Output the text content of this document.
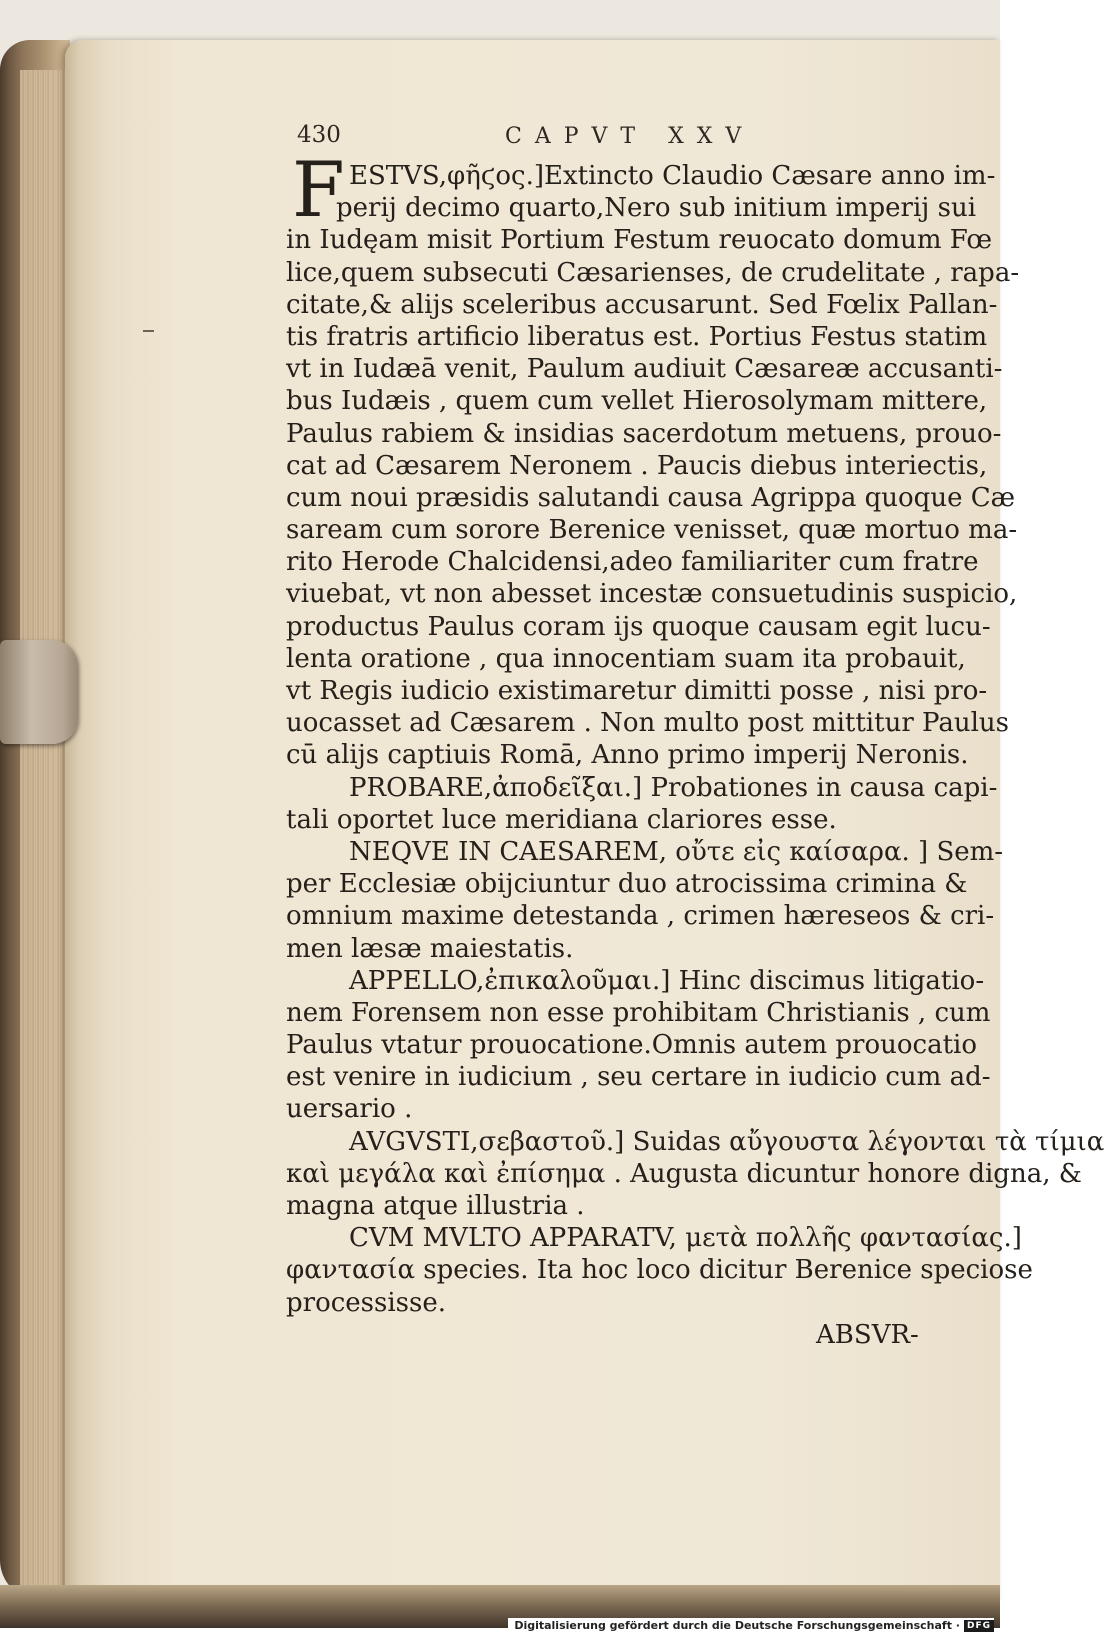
430	CAPVT XXV
F ESTVS,φῆϛος.]Extincto Claudio Cæsare anno im-
perij decimo quarto,Nero sub initium imperij sui
in Iudęam misit Portium Festum reuocato domum Fœ
lice,quem subsecuti Cæsarienses, de crudelitate , rapa-
citate,& alijs sceleribus accusarunt. Sed Fœlix Pallan-
tis fratris artificio liberatus est. Portius Festus statim
vt in Iudæā venit, Paulum audiuit Cæsareæ accusanti-
bus Iudæis , quem cum vellet Hierosolymam mittere,
Paulus rabiem & insidias sacerdotum metuens, prouo-
cat ad Cæsarem Neronem . Paucis diebus interiectis,
cum noui præsidis salutandi causa Agrippa quoque Cæ
saream cum sorore Berenice venisset, quæ mortuo ma-
rito Herode Chalcidensi,adeo familiariter cum fratre
viuebat, vt non abesset incestæ consuetudinis suspicio,
productus Paulus coram ijs quoque causam egit lucu-
lenta oratione , qua innocentiam suam ita probauit,
vt Regis iudicio existimaretur dimitti posse , nisi pro-
uocasset ad Cæsarem . Non multo post mittitur Paulus
cū alijs captiuis Romā, Anno primo imperij Neronis.
PROBARE,ἀποδεῖξαι.] Probationes in causa capi-
tali oportet luce meridiana clariores esse.
NEQVE IN CAESAREM, οὔτε εἰς καίσαρα. ] Sem-
per Ecclesiæ obijciuntur duo atrocissima crimina &
omnium maxime detestanda , crimen hæreseos & cri-
men læsæ maiestatis.
APPELLO,ἐπικαλοῦμαι.] Hinc discimus litigatio-
nem Forensem non esse prohibitam Christianis , cum
Paulus vtatur prouocatione.Omnis autem prouocatio
est venire in iudicium , seu certare in iudicio cum ad-
uersario .
AVGVSTI,σεβαστοῦ.] Suidas αὔγουστα λέγονται τὰ τίμια
καὶ μεγάλα καὶ ἐπίσημα . Augusta dicuntur honore digna, &
magna atque illustria .
CVM MVLTO APPARATV, μετὰ πολλῆς φαντασίας.]
φαντασία species. Ita hoc loco dicitur Berenice speciose
processisse.
ABSVR-
Digitalisierung gefördert durch die Deutsche Forschungsgemeinschaft · DFG
